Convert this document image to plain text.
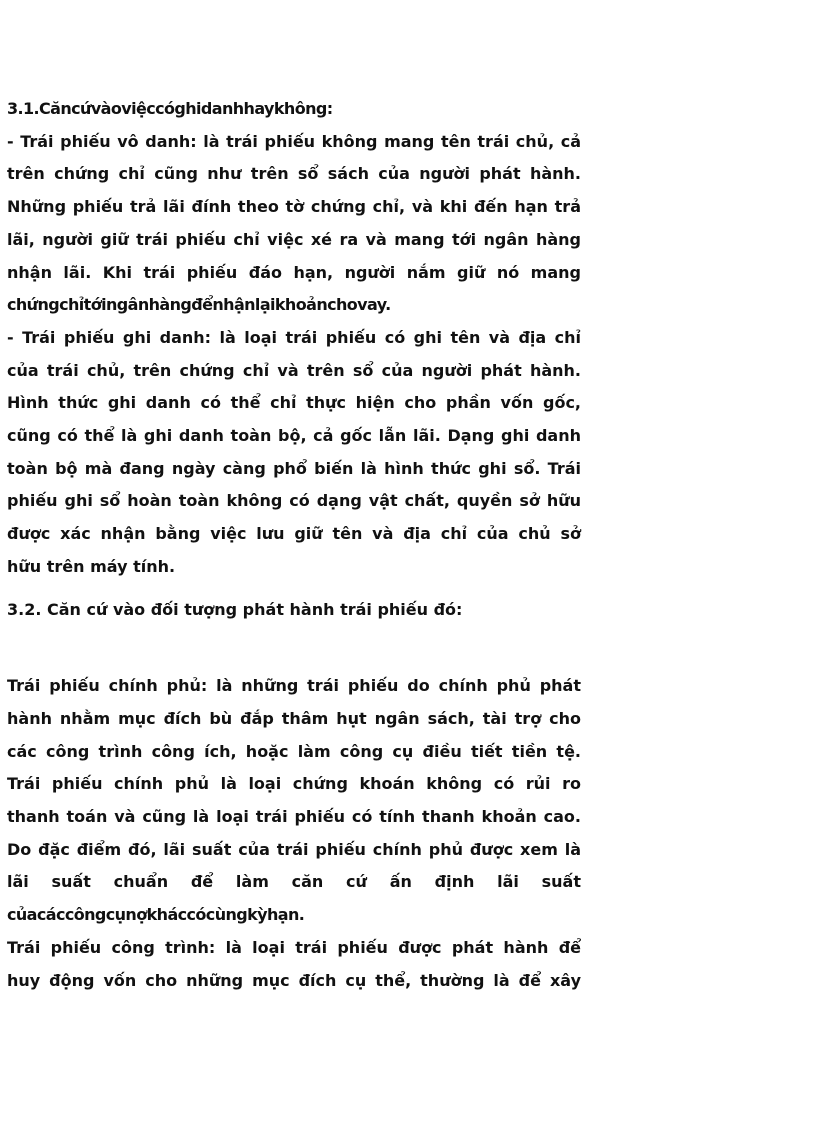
3.1.Căncứvàoviệccóghidanhhaykhông:

- Trái phiếu vô danh: là trái phiếu không mang tên trái chủ, cả
trên chứng chỉ cũng như trên sổ sách của người phát hành.
Những phiếu trả lãi đính theo tờ chứng chỉ, và khi đến hạn trả
lãi, người giữ trái phiếu chỉ việc xé ra và mang tới ngân hàng
nhận lãi. Khi trái phiếu đáo hạn, người nắm giữ nó mang
chứngchỉtớingânhàngđểnhậnlạikhoảnchovay.

- Trái phiếu ghi danh: là loại trái phiếu có ghi tên và địa chỉ
của trái chủ, trên chứng chỉ và trên sổ của người phát hành.
Hình thức ghi danh có thể chỉ thực hiện cho phần vốn gốc,
cũng có thể là ghi danh toàn bộ, cả gốc lẫn lãi. Dạng ghi danh
toàn bộ mà đang ngày càng phổ biến là hình thức ghi sổ. Trái
phiếu ghi sổ hoàn toàn không có dạng vật chất, quyền sở hữu
được xác nhận bằng việc lưu giữ tên và địa chỉ của chủ sở
hữu trên máy tính.

3.2. Căn cứ vào đối tượng phát hành trái phiếu đó:

Trái phiếu chính phủ: là những trái phiếu do chính phủ phát
hành nhằm mục đích bù đắp thâm hụt ngân sách, tài trợ cho
các công trình công ích, hoặc làm công cụ điều tiết tiền tệ.
Trái phiếu chính phủ là loại chứng khoán không có rủi ro
thanh toán và cũng là loại trái phiếu có tính thanh khoản cao.
Do đặc điểm đó, lãi suất của trái phiếu chính phủ được xem là
lãi suất chuẩn để làm căn cứ ấn định lãi suất
củacáccôngcụnợkháccócùngkỳhạn.

Trái phiếu công trình: là loại trái phiếu được phát hành để
huy động vốn cho những mục đích cụ thể, thường là để xây
